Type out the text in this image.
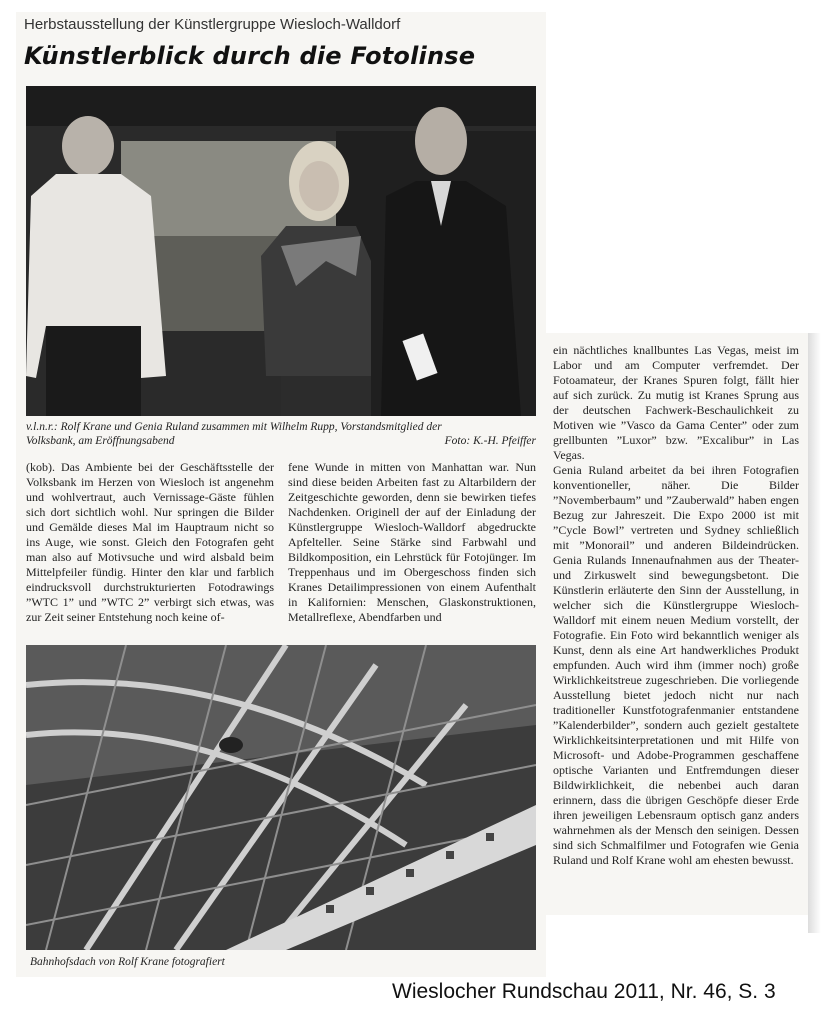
Herbstausstellung der Künstlergruppe Wiesloch-Walldorf
Künstlerblick durch die Fotolinse
v.l.n.r.: Rolf Krane und Genia Ruland zusammen mit Wilhelm Rupp, Vorstandsmitglied der
Volksbank, am Eröffnungsabend	Foto: K.-H. Pfeiffer

(kob). Das Ambiente bei der Geschäftsstelle der Volksbank im Herzen von Wiesloch ist angenehm und wohlvertraut, auch Vernissage-Gäste fühlen sich dort sichtlich wohl. Nur springen die Bilder und Gemälde dieses Mal im Hauptraum nicht so ins Auge, wie sonst. Gleich den Fotografen geht man also auf Motivsuche und wird alsbald beim Mittelpfeiler fündig. Hinter den klar und farblich eindrucksvoll durchstrukturierten Fotodrawings ”WTC 1” und ”WTC 2” verbirgt sich etwas, was zur Zeit seiner Entstehung noch keine of-

fene Wunde in mitten von Manhattan war. Nun sind diese beiden Arbeiten fast zu Altarbildern der Zeitgeschichte geworden, denn sie bewirken tiefes Nachdenken. Originell der auf der Einladung der Künstlergruppe Wiesloch-Walldorf abgedruckte Apfelteller. Seine Stärke sind Farbwahl und Bildkomposition, ein Lehrstück für Fotojünger. Im Treppenhaus und im Obergeschoss finden sich Kranes Detailimpressionen von einem Aufenthalt in Kalifornien: Menschen, Glaskonstruktionen, Metallreflexe, Abendfarben und

Bahnhofsdach von Rolf Krane fotografiert

ein nächtliches knallbuntes Las Vegas, meist im Labor und am Computer verfremdet. Der Fotoamateur, der Kranes Spuren folgt, fällt hier auf sich zurück. Zu mutig ist Kranes Sprung aus der deutschen Fachwerk-Beschaulichkeit zu Motiven wie ”Vasco da Gama Center” oder zum grellbunten ”Luxor” bzw. ”Excalibur” in Las Vegas.

Genia Ruland arbeitet da bei ihren Fotografien konventioneller, näher. Die Bilder ”Novemberbaum” und ”Zauberwald” haben engen Bezug zur Jahreszeit. Die Expo 2000 ist mit ”Cycle Bowl” vertreten und Sydney schließlich mit ”Monorail” und anderen Bildeindrücken. Genia Rulands Innenaufnahmen aus der Theater- und Zirkuswelt sind bewegungsbetont. Die Künstlerin erläuterte den Sinn der Ausstellung, in welcher sich die Künstlergruppe Wiesloch-Walldorf mit einem neuen Medium vorstellt, der Fotografie. Ein Foto wird bekanntlich weniger als Kunst, denn als eine Art handwerkliches Produkt empfunden. Auch wird ihm (immer noch) große Wirklichkeitstreue zugeschrieben. Die vorliegende Ausstellung bietet jedoch nicht nur nach traditioneller Kunstfotografenmanier entstandene ”Kalenderbilder”, sondern auch gezielt gestaltete Wirklichkeitsinterpretationen und mit Hilfe von Microsoft- und Adobe-Programmen geschaffene optische Varianten und Entfremdungen dieser Bildwirklichkeit, die nebenbei auch daran erinnern, dass die übrigen Geschöpfe dieser Erde ihren jeweiligen Lebensraum optisch ganz anders wahrnehmen als der Mensch den seinigen. Dessen sind sich Schmalfilmer und Fotografen wie Genia Ruland und Rolf Krane wohl am ehesten bewusst.

Wieslocher Rundschau 2011, Nr. 46, S. 3
